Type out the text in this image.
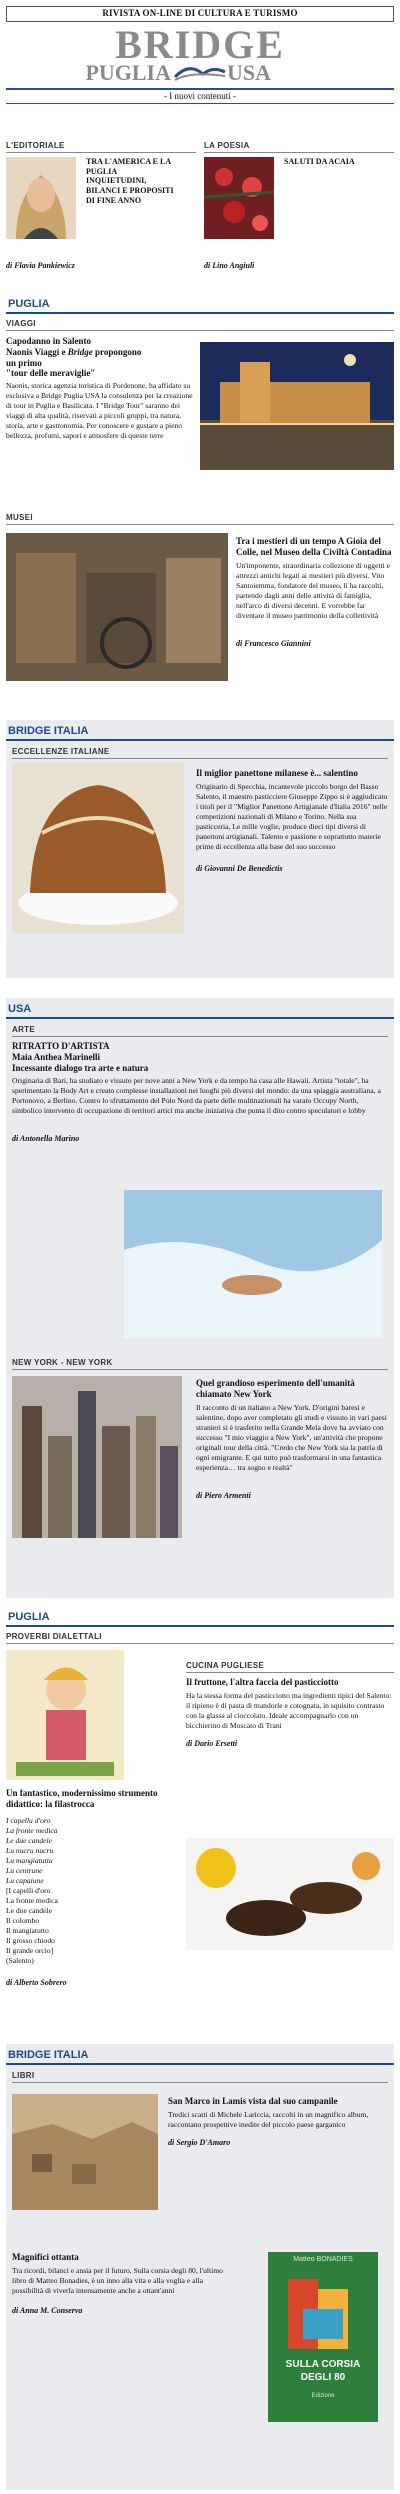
RIVISTA ON-LINE DI CULTURA E TURISMO
BRIDGE
PUGLIA	USA
- I nuovi contenuti -
L'EDITORIALE
TRA L'AMERICA E LA
PUGLIA
INQUIETUDINI,
BILANCI E PROPOSITI
DI FINE ANNO
di Flavia Pankiewicz
LA POESIA
SALUTI DA ACAIA
di Lino Angiuli
PUGLIA
VIAGGI
Capodanno in Salento
Naonis Viaggi e Bridge propongono
un primo
"tour delle meraviglie"
Naonis, storica agenzia turistica di Pordenone, ha affidato su esclusiva a Bridge Puglia USA la consulenza per la creazione di tour in Puglia e Basilicata. I "Bridge Tour" saranno dei viaggi di alta qualità, riservati a piccoli gruppi, tra natura, storia, arte e gastronomia. Per conoscere e gustare a pieno bellezza, profumi, sapori e atmosfere di queste terre
MUSEI
Tra i mestieri di un tempo A Gioia del Colle, nel Museo della Civiltà Contadina
Un'imponente, straordinaria collezione di oggetti e attrezzi antichi legati ai mestieri più diversi. Vito Santoiemma, fondatore del museo, li ha raccolti, partendo dagli anni delle attività di famiglia, nell'arco di diversi decenni. E vorrebbe far diventare il museo patrimonio della collettività
di Francesco Giannini
BRIDGE ITALIA
ECCELLENZE ITALIANE
Il miglior panettone milanese è... salentino
Originario di Specchia, incantevole piccolo borgo del Basso Salento, il maestro pasticciere Giuseppe Zippo si è aggiudicato i titoli per il "Miglior Panettone Artigianale d'Italia 2016" nelle competizioni nazionali di Milano e Torino. Nella sua pasticceria, Le mille voglie, produce dieci tipi diversi di panettoni artigianali. Talento e passione e soprattutto materie prime di eccellenza alla base del suo successo
di Giovanni De Benedictis
USA
ARTE
RITRATTO D'ARTISTA
Maia Anthea Marinelli
Incessante dialogo tra arte e natura
Originaria di Bari, ha studiato e vissuto per nove anni a New York e da tempo ha casa alle Hawaii. Artista "totale", ha sperimentato la Body Art e creato complesse installazioni nei luoghi più diversi del mondo: da una spiaggia australiana, a Portonovo, a Berlino. Contro lo sfruttamento del Polo Nord da parte delle multinazionali ha varato Occupy North, simbolico intervento di occupazione di territori artici ma anche iniziativa che punta il dito contro speculatori e lobby
di Antonella Marino
NEW YORK - NEW YORK
Quel grandioso esperimento dell'umanità chiamato New York
Il racconto di un italiano a New York. D'origini baresi e salentine, dopo aver completato gli studi e vissuto in vari paesi stranieri si è trasferito nella Grande Mela dove ha avviato con successo "I mio viaggio a New York", un'attività che propone originali tour della città. "Credo che New York sia la patria di ogni emigrante. E qui tutto può trasformarsi in una fantastica esperienza… tra sogno e realtà"
di Piero Armenti
PUGLIA
PROVERBI DIALETTALI
Un fantastico, modernissimo strumento didattico: la filastrocca
I capellu d'oro
La fronte medica
Le due candele
Lu nucru nucru
Lu mangiatuttu
Lu centrune
Lu capaiune
[I capelli d'oro
La fronte medica
Le due candele
Il colombo
Il mangiatutto
Il grosso chiodo
Il grande orcio]
(Salento)
di Alberto Sobrero
CUCINA PUGLIESE
Il fruttone, l'altra faccia del pasticciotto
Ha la stessa forma del pasticciotto ma ingredienti tipici del Salento: il ripieno è di pasta di mandorle e cotognata, in squisito contrasto con la glassa al cioccolato. Ideale accompagnarlo con un bicchierino di Moscato di Trani
di Dario Ersetti
BRIDGE ITALIA
LIBRI
San Marco in Lamis vista dal suo campanile
Tredici scatti di Michele Lariccia, raccolti in un magnifico album, raccontano prospettive inedite del piccolo paese garganico
di Sergio D'Amaro
Magnifici ottanta
Tra ricordi, bilanci e ansia per il futuro, Sulla corsia degli 80, l'ultimo libro di Matteo Bonadies, è un inno alla vita e alla voglia e alla possibilità di viverla intensamente anche a ottant'anni
di Anna M. Conserva
Matteo BONADIES
SULLA CORSIA
DEGLI 80
Edizione
